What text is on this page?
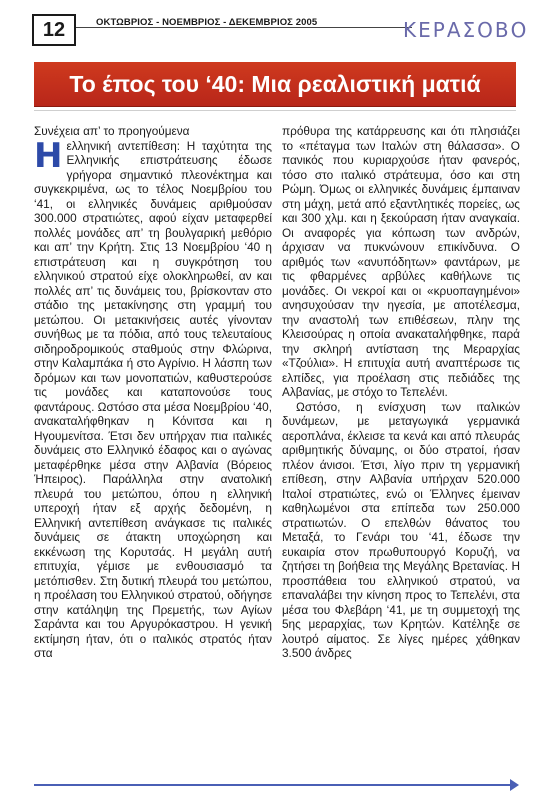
12	ΟΚΤΩΒΡΙΟΣ - ΝΟΕΜΒΡΙΟΣ - ΔΕΚΕΜΒΡΙΟΣ 2005	ΚΕΡΑΣΟΒΟ
Το έπος του ‘40: Μια ρεαλιστική ματιά

Συνέχεια απ’ το προηγούμενα

Ηελληνική αντεπίθεση: Η ταχύτητα της Ελληνικής επιστράτευσης έδωσε γρήγορα σημαντικό πλεονέκτημα και συγκεκριμένα, ως το τέλος Νοεμβρίου του ‘41, οι ελληνικές δυνάμεις αριθμούσαν 300.000 στρατιώτες, αφού είχαν μεταφερθεί πολλές μονάδες απ’ τη βουλγαρική μεθόριο και απ’ την Κρήτη. Στις 13 Νοεμβρίου ‘40 η επιστράτευση και η συγκρότηση του ελληνικού στρατού είχε ολοκληρωθεί, αν και πολλές απ’ τις δυνάμεις του, βρίσκονταν στο στάδιο της μετακίνησης στη γραμμή του μετώπου. Οι μετακινήσεις αυτές γίνονταν συνήθως με τα πόδια, από τους τελευταίους σιδηροδρομικούς σταθμούς στην Φλώρινα, στην Καλαμπάκα ή στο Αγρίνιο. Η λάσπη των δρόμων και των μονοπατιών, καθυστερούσε τις μονάδες και καταπονούσε τους φαντάρους. Ωστόσο στα μέσα Νοεμβρίου ‘40, ανακαταλήφθηκαν η Κόνιτσα και η Ηγουμενίτσα. Έτσι δεν υπήρχαν πια ιταλικές δυνάμεις στο Ελληνικό έδαφος και ο αγώνας μεταφέρθηκε μέσα στην Αλβανία (Βόρειος Ήπειρος). Παράλληλα στην ανατολική πλευρά του μετώπου, όπου η ελληνική υπεροχή ήταν εξ αρχής δεδομένη, η Ελληνική αντεπίθεση ανάγκασε τις ιταλικές δυνάμεις σε άτακτη υποχώρηση και εκκένωση της Κορυτσάς. Η μεγάλη αυτή επιτυχία, γέμισε με ενθουσιασμό τα μετόπισθεν. Στη δυτική πλευρά του μετώπου, η προέλαση του Ελληνικού στρατού, οδήγησε στην κατάληψη της Πρεμετής, των Αγίων Σαράντα και του Αργυρόκαστρου. Η γενική εκτίμηση ήταν, ότι ο ιταλικός στρατός ήταν στα

πρόθυρα της κατάρρευσης και ότι πλησιάζει το «πέταγμα των Ιταλών στη θάλασσα». Ο πανικός που κυριαρχούσε ήταν φανερός, τόσο στο ιταλικό στράτευμα, όσο και στη Ρώμη. Όμως οι ελληνικές δυνάμεις έμπαιναν στη μάχη, μετά από εξαντλητικές πορείες, ως και 300 χλμ. και η ξεκούραση ήταν αναγκαία. Οι αναφορές για κόπωση των ανδρών, άρχισαν να πυκνώνουν επικίνδυνα. Ο αριθμός των «ανυπόδητων» φαντάρων, με τις φθαρμένες αρβύλες καθήλωνε τις μονάδες. Οι νεκροί και οι «κρυοπαγημένοι» ανησυχούσαν την ηγεσία, με αποτέλεσμα, την αναστολή των επιθέσεων, πλην της Κλεισούρας η οποία ανακαταλήφθηκε, παρά την σκληρή αντίσταση της Μεραρχίας «Τζούλια». Η επιτυχία αυτή αναπτέρωσε τις ελπίδες, για προέλαση στις πεδιάδες της Αλβανίας, με στόχο το Τεπελένι.

Ωστόσο, η ενίσχυση των ιταλικών δυνάμεων, με μεταγωγικά γερμανικά αεροπλάνα, έκλεισε τα κενά και από πλευράς αριθμητικής δύναμης, οι δύο στρατοί, ήσαν πλέον άνισοι. Έτσι, λίγο πριν τη γερμανική επίθεση, στην Αλβανία υπήρχαν 520.000 Ιταλοί στρατιώτες, ενώ οι Έλληνες έμειναν καθηλωμένοι στα επίπεδα των 250.000 στρατιωτών. Ο επελθών θάνατος του Μεταξά, το Γενάρι του ‘41, έδωσε την ευκαιρία στον πρωθυπουργό Κορυζή, να ζητήσει τη βοήθεια της Μεγάλης Βρετανίας. Η προσπάθεια του ελληνικού στρατού, να επαναλάβει την κίνηση προς το Τεπελένι, στα μέσα του Φλεβάρη ‘41, με τη συμμετοχή της 5ης μεραρχίας, των Κρητών. Κατέληξε σε λουτρό αίματος. Σε λίγες ημέρες χάθηκαν 3.500 άνδρες
